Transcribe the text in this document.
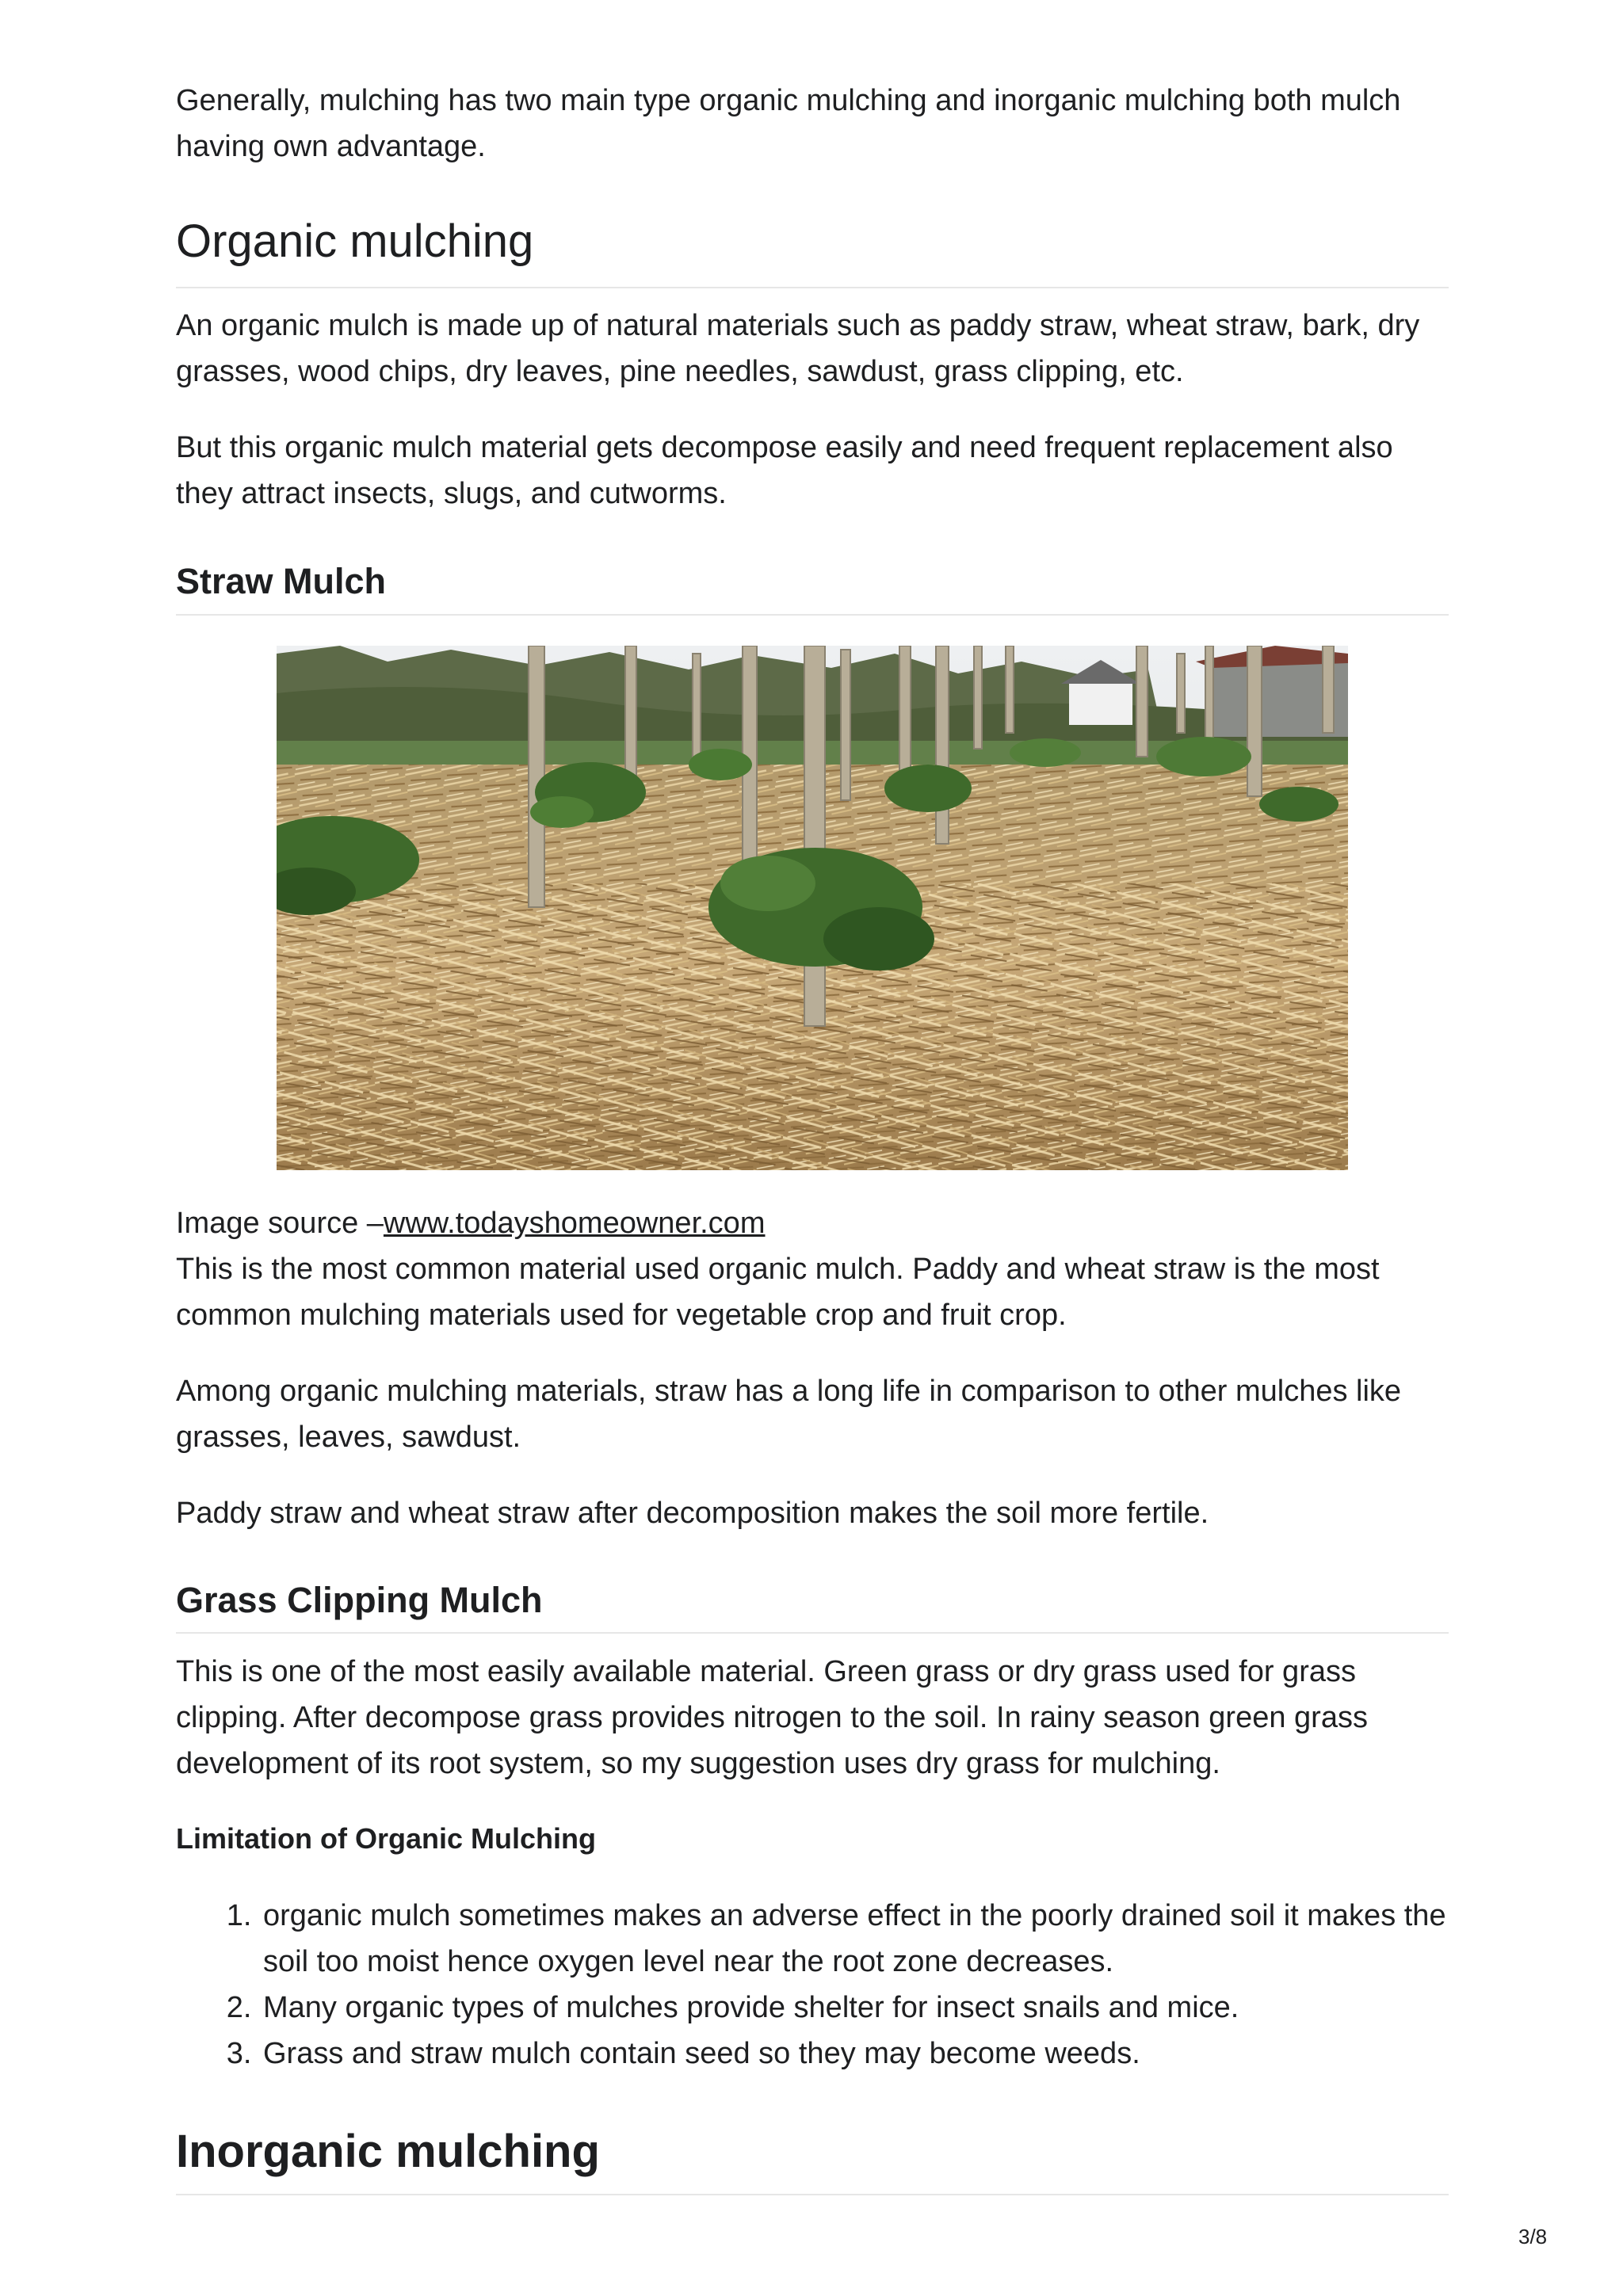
Generally, mulching has two main type organic mulching and inorganic mulching both mulch having own advantage.

Organic mulching

An organic mulch is made up of natural materials such as paddy straw, wheat straw, bark, dry grasses, wood chips, dry leaves, pine needles, sawdust, grass clipping, etc.

But this organic mulch material gets decompose easily and need frequent replacement also they attract insects, slugs, and cutworms.

Straw Mulch

Image source –www.todayshomeowner.com

This is the most common material used organic mulch. Paddy and wheat straw is the most common mulching materials used for vegetable crop and fruit crop.

Among organic mulching materials, straw has a long life in comparison to other mulches like grasses, leaves, sawdust.

Paddy straw and wheat straw after decomposition makes the soil more fertile.

Grass Clipping Mulch

This is one of the most easily available material. Green grass or dry grass used for grass clipping. After decompose grass provides nitrogen to the soil. In rainy season green grass development of its root system, so my suggestion uses dry grass for mulching.

Limitation of Organic Mulching
1. organic mulch sometimes makes an adverse effect in the poorly drained soil it makes the soil too moist hence oxygen level near the root zone decreases.
2. Many organic types of mulches provide shelter for insect snails and mice.
3. Grass and straw mulch contain seed so they may become weeds.
Inorganic mulching
3/8
